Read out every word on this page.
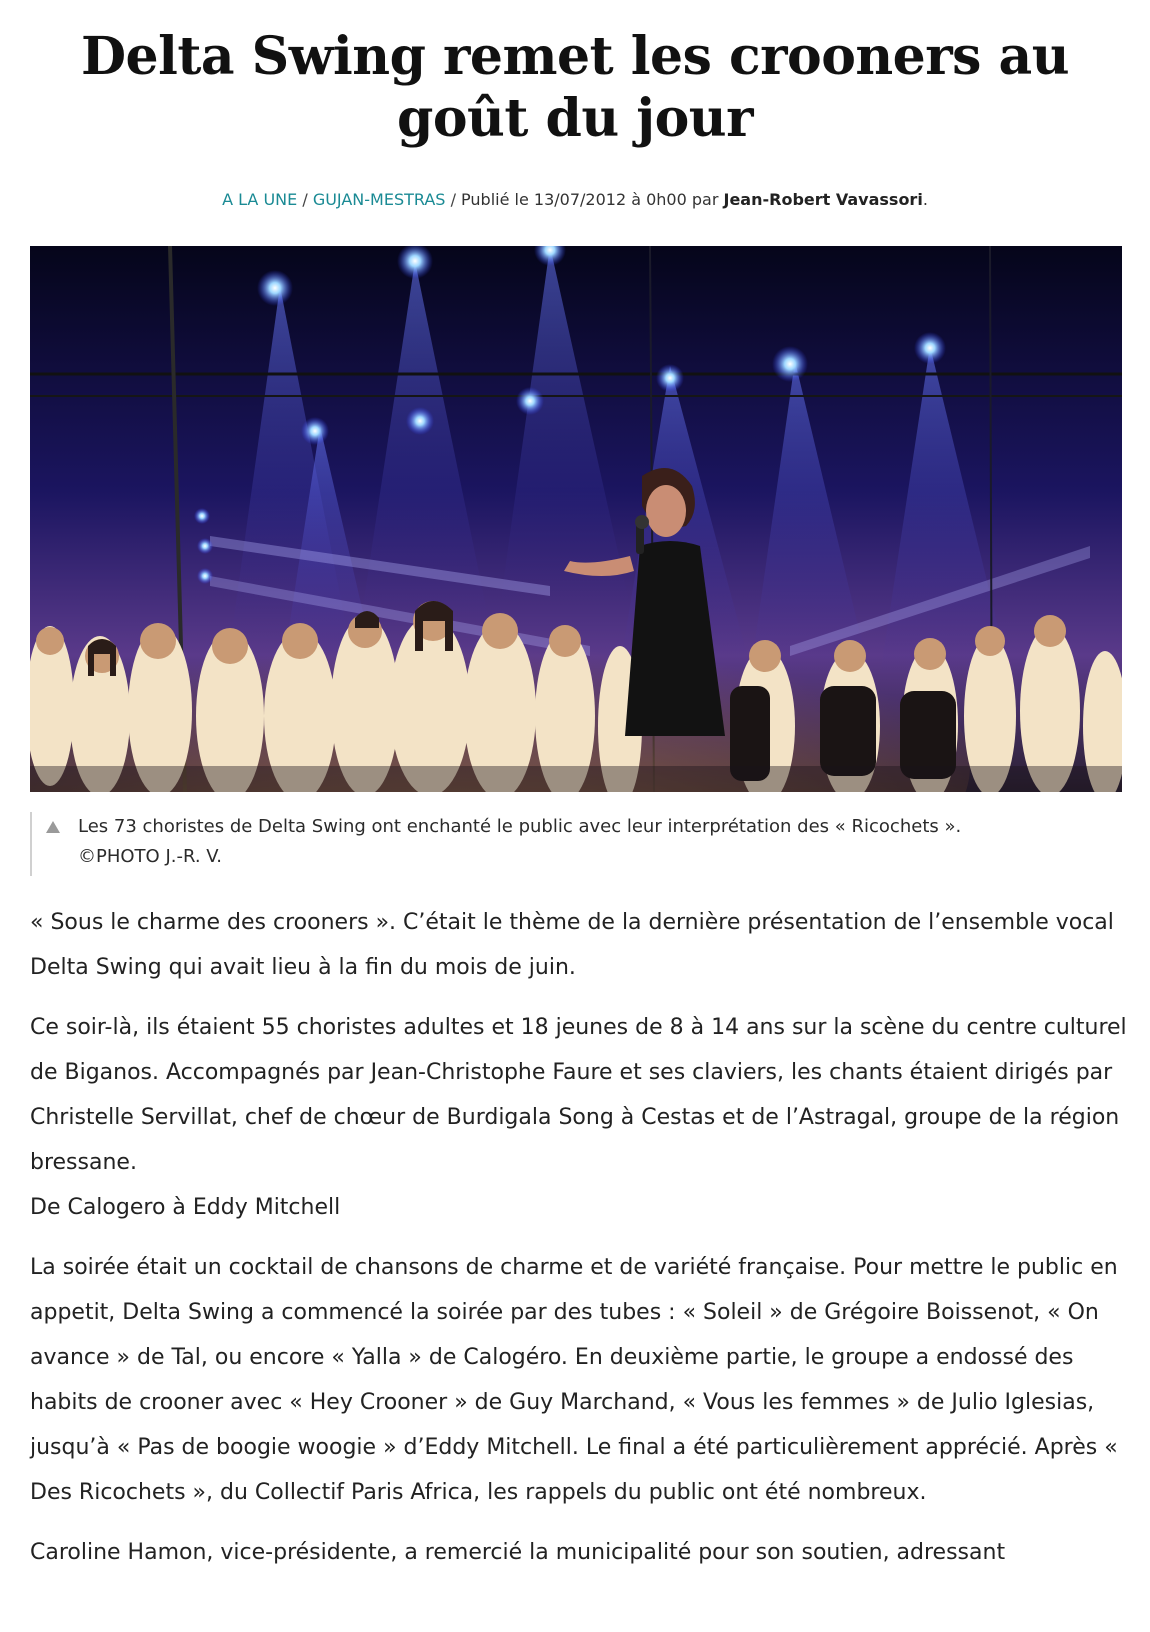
Delta Swing remet les crooners au goût du jour
A LA UNE / GUJAN-MESTRAS / Publié le 13/07/2012 à 0h00 par Jean-Robert Vavassori.
Les 73 choristes de Delta Swing ont enchanté le public avec leur interprétation des « Ricochets ».
©PHOTO J.-R. V.

« Sous le charme des crooners ». C’était le thème de la dernière présentation de l’ensemble vocal Delta Swing qui avait lieu à la fin du mois de juin.

Ce soir-là, ils étaient 55 choristes adultes et 18 jeunes de 8 à 14 ans sur la scène du centre culturel de Biganos. Accompagnés par Jean-Christophe Faure et ses claviers, les chants étaient dirigés par Christelle Servillat, chef de chœur de Burdigala Song à Cestas et de l’Astragal, groupe de la région bressane.

De Calogero à Eddy Mitchell

La soirée était un cocktail de chansons de charme et de variété française. Pour mettre le public en appetit, Delta Swing a commencé la soirée par des tubes : « Soleil » de Grégoire Boissenot, « On avance » de Tal, ou encore « Yalla » de Calogéro. En deuxième partie, le groupe a endossé des habits de crooner avec « Hey Crooner » de Guy Marchand, « Vous les femmes » de Julio Iglesias, jusqu’à « Pas de boogie woogie » d’Eddy Mitchell. Le final a été particulièrement apprécié. Après « Des Ricochets », du Collectif Paris Africa, les rappels du public ont été nombreux.

Caroline Hamon, vice-présidente, a remercié la municipalité pour son soutien, adressant
